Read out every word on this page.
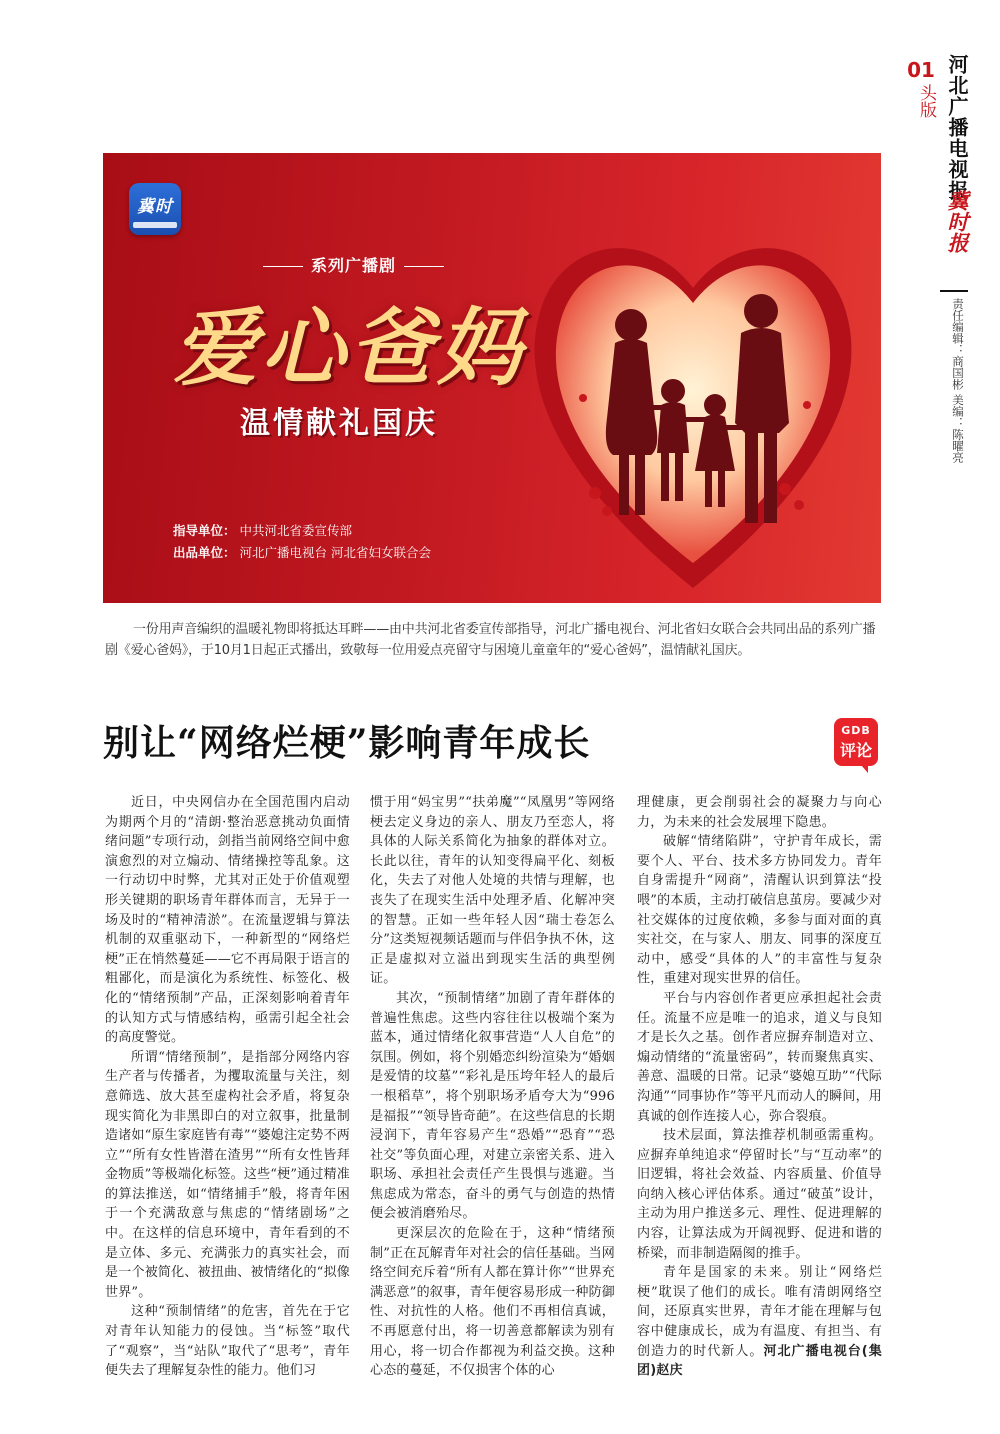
01
头版 河北广播电视报
冀时报
责任编辑：商国彬 美编：陈曜亮
冀时
系列广播剧
爱心爸妈
温情献礼国庆
指导单位： 中共河北省委宣传部
出品单位： 河北广播电视台 河北省妇女联合会
一份用声音编织的温暖礼物即将抵达耳畔——由中共河北省委宣传部指导，河北广播电视台、河北省妇女联合会共同出品的系列广播剧《爱心爸妈》，于10月1日起正式播出，致敬每一位用爱点亮留守与困境儿童童年的“爱心爸妈”，温情献礼国庆。
别让“网络烂梗”影响青年成长	GDB
评论

近日，中央网信办在全国范围内启动为期两个月的“清朗·整治恶意挑动负面情绪问题”专项行动，剑指当前网络空间中愈演愈烈的对立煽动、情绪操控等乱象。这一行动切中时弊，尤其对正处于价值观塑形关键期的职场青年群体而言，无异于一场及时的“精神清淤”。在流量逻辑与算法机制的双重驱动下，一种新型的“网络烂梗”正在悄然蔓延——它不再局限于语言的粗鄙化，而是演化为系统性、标签化、极化的“情绪预制”产品，正深刻影响着青年的认知方式与情感结构，亟需引起全社会的高度警觉。

所谓“情绪预制”，是指部分网络内容生产者与传播者，为攫取流量与关注，刻意筛选、放大甚至虚构社会矛盾，将复杂现实简化为非黑即白的对立叙事，批量制造诸如“原生家庭皆有毒”“婆媳注定势不两立”“所有女性皆潜在渣男”“所有女性皆拜金物质”等极端化标签。这些“梗”通过精准的算法推送，如“情绪捕手”般，将青年困于一个充满敌意与焦虑的“情绪剧场”之中。在这样的信息环境中，青年看到的不是立体、多元、充满张力的真实社会，而是一个被简化、被扭曲、被情绪化的“拟像世界”。

这种“预制情绪”的危害，首先在于它对青年认知能力的侵蚀。当“标签”取代了“观察”，当“站队”取代了“思考”，青年便失去了理解复杂性的能力。他们习

惯于用“妈宝男”“扶弟魔”“凤凰男”等网络梗去定义身边的亲人、朋友乃至恋人，将具体的人际关系简化为抽象的群体对立。长此以往，青年的认知变得扁平化、刻板化，失去了对他人处境的共情与理解，也丧失了在现实生活中处理矛盾、化解冲突的智慧。正如一些年轻人因“瑞士卷怎么分”这类短视频话题而与伴侣争执不休，这正是虚拟对立溢出到现实生活的典型例证。

其次，“预制情绪”加剧了青年群体的普遍性焦虑。这些内容往往以极端个案为蓝本，通过情绪化叙事营造“人人自危”的氛围。例如，将个别婚恋纠纷渲染为“婚姻是爱情的坟墓”“彩礼是压垮年轻人的最后一根稻草”，将个别职场矛盾夸大为“996是福报”“领导皆奇葩”。在这些信息的长期浸润下，青年容易产生“恐婚”“恐育”“恐社交”等负面心理，对建立亲密关系、进入职场、承担社会责任产生畏惧与逃避。当焦虑成为常态，奋斗的勇气与创造的热情便会被消磨殆尽。

更深层次的危险在于，这种“情绪预制”正在瓦解青年对社会的信任基础。当网络空间充斥着“所有人都在算计你”“世界充满恶意”的叙事，青年便容易形成一种防御性、对抗性的人格。他们不再相信真诚，不再愿意付出，将一切善意都解读为别有用心，将一切合作都视为利益交换。这种心态的蔓延，不仅损害个体的心

理健康，更会削弱社会的凝聚力与向心力，为未来的社会发展埋下隐患。

破解“情绪陷阱”，守护青年成长，需要个人、平台、技术多方协同发力。青年自身需提升“网商”，清醒认识到算法“投喂”的本质，主动打破信息茧房。要减少对社交媒体的过度依赖，多参与面对面的真实社交，在与家人、朋友、同事的深度互动中，感受“具体的人”的丰富性与复杂性，重建对现实世界的信任。

平台与内容创作者更应承担起社会责任。流量不应是唯一的追求，道义与良知才是长久之基。创作者应摒弃制造对立、煽动情绪的“流量密码”，转而聚焦真实、善意、温暖的日常。记录“婆媳互助”“代际沟通”“同事协作”等平凡而动人的瞬间，用真诚的创作连接人心，弥合裂痕。

技术层面，算法推荐机制亟需重构。应摒弃单纯追求“停留时长”与“互动率”的旧逻辑，将社会效益、内容质量、价值导向纳入核心评估体系。通过“破茧”设计，主动为用户推送多元、理性、促进理解的内容，让算法成为开阔视野、促进和谐的桥梁，而非制造隔阂的推手。

青年是国家的未来。别让“网络烂梗”耽误了他们的成长。唯有清朗网络空间，还原真实世界，青年才能在理解与包容中健康成长，成为有温度、有担当、有创造力的时代新人。河北广播电视台(集团)赵庆
